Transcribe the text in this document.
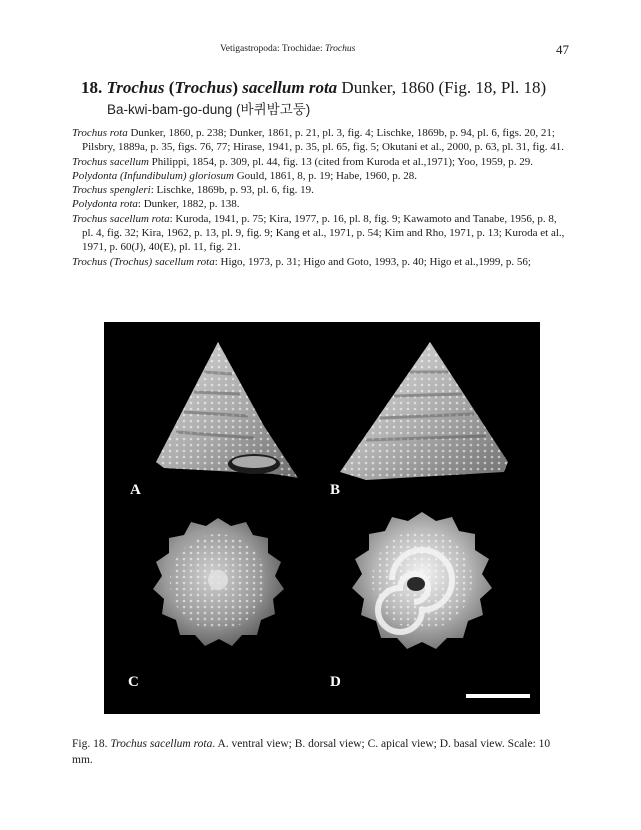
Vetigastropoda: Trochidae: Trochus	47
18. Trochus (Trochus) sacellum rota Dunker, 1860 (Fig. 18, Pl. 18)
Ba-kwi-bam-go-dung (바퀴밤고둥)

Trochus rota Dunker, 1860, p. 238; Dunker, 1861, p. 21, pl. 3, fig. 4; Lischke, 1869b, p. 94, pl. 6, figs. 20, 21; Pilsbry, 1889a, p. 35, figs. 76, 77; Hirase, 1941, p. 35, pl. 65, fig. 5; Okutani et al., 2000, p. 63, pl. 31, fig. 41.

Trochus sacellum Philippi, 1854, p. 309, pl. 44, fig. 13 (cited from Kuroda et al.,1971); Yoo, 1959, p. 29.

Polydonta (Infundibulum) gloriosum Gould, 1861, 8, p. 19; Habe, 1960, p. 28.

Trochus spengleri: Lischke, 1869b, p. 93, pl. 6, fig. 19.

Polydonta rota: Dunker, 1882, p. 138.

Trochus sacellum rota: Kuroda, 1941, p. 75; Kira, 1977, p. 16, pl. 8, fig. 9; Kawamoto and Tanabe, 1956, p. 8, pl. 4, fig. 32; Kira, 1962, p. 13, pl. 9, fig. 9; Kang et al., 1971, p. 54; Kim and Rho, 1971, p. 13; Kuroda et al., 1971, p. 60(J), 40(E), pl. 11, fig. 21.

Trochus (Trochus) sacellum rota: Higo, 1973, p. 31; Higo and Goto, 1993, p. 40; Higo et al.,1999, p. 56;

A	B
C	D
Fig. 18. Trochus sacellum rota. A. ventral view; B. dorsal view; C. apical view; D. basal view. Scale: 10 mm.
